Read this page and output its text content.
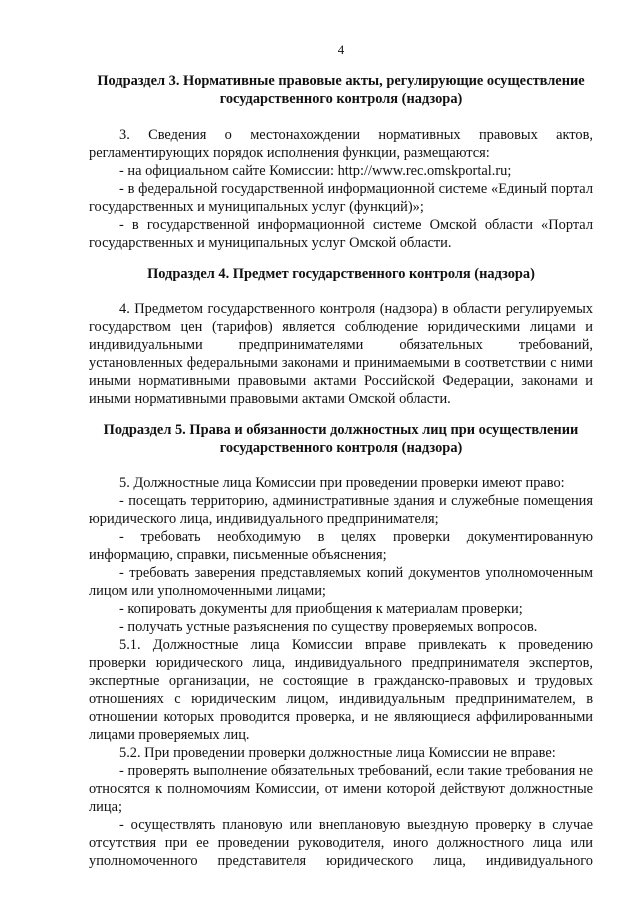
4

Подраздел 3. Нормативные правовые акты, регулирующие осуществление государственного контроля (надзора)

3. Сведения о местонахождении нормативных правовых актов, регламентирующих порядок исполнения функции, размещаются:

- на официальном сайте Комиссии: http://www.rec.omskportal.ru;

- в федеральной государственной информационной системе «Единый портал государственных и муниципальных услуг (функций)»;

- в государственной информационной системе Омской области «Портал государственных и муниципальных услуг Омской области.

Подраздел 4. Предмет государственного контроля (надзора)

4. Предметом государственного контроля (надзора) в области регулируемых государством цен (тарифов) является соблюдение юридическими лицами и индивидуальными предпринимателями обязательных требований, установленных федеральными законами и принимаемыми в соответствии с ними иными нормативными правовыми актами Российской Федерации, законами и иными нормативными правовыми актами Омской области.

Подраздел 5. Права и обязанности должностных лиц при осуществлении государственного контроля (надзора)

5. Должностные лица Комиссии при проведении проверки имеют право:

- посещать территорию, административные здания и служебные помещения юридического лица, индивидуального предпринимателя;

- требовать необходимую в целях проверки документированную информацию, справки, письменные объяснения;

- требовать заверения представляемых копий документов уполномоченным лицом или уполномоченными лицами;

- копировать документы для приобщения к материалам проверки;

- получать устные разъяснения по существу проверяемых вопросов.

5.1. Должностные лица Комиссии вправе привлекать к проведению проверки юридического лица, индивидуального предпринимателя экспертов, экспертные организации, не состоящие в гражданско-правовых и трудовых отношениях с юридическим лицом, индивидуальным предпринимателем, в отношении которых проводится проверка, и не являющиеся аффилированными лицами проверяемых лиц.

5.2. При проведении проверки должностные лица Комиссии не вправе:

- проверять выполнение обязательных требований, если такие требования не относятся к полномочиям Комиссии, от имени которой действуют должностные лица;

- осуществлять плановую или внеплановую выездную проверку в случае отсутствия при ее проведении руководителя, иного должностного лица или уполномоченного представителя юридического лица, индивидуального
